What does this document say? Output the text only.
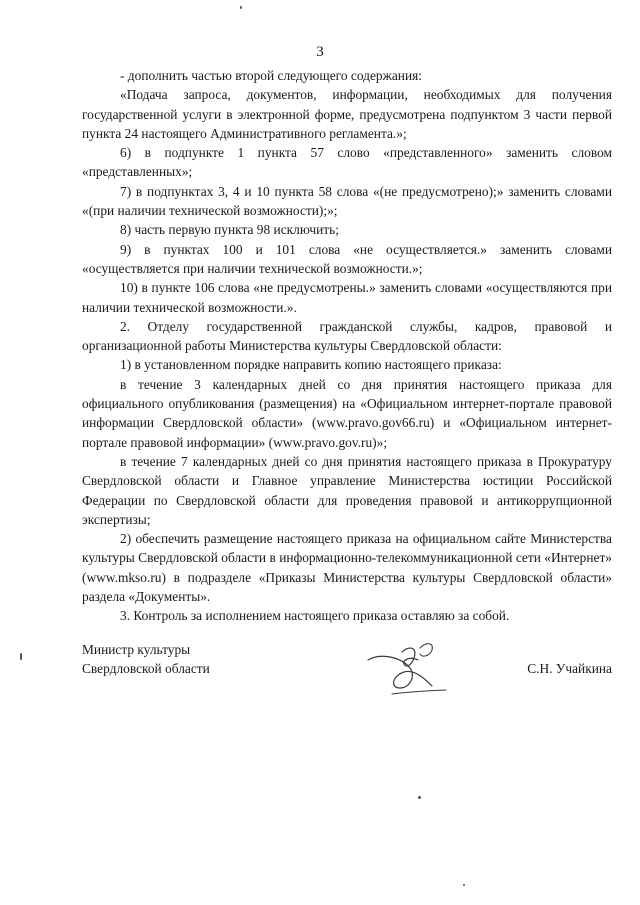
3

- дополнить частью второй следующего содержания:

«Подача запроса, документов, информации, необходимых для получения государственной услуги в электронной форме, предусмотрена подпунктом 3 части первой пункта 24 настоящего Административного регламента.»;

6) в подпункте 1 пункта 57 слово «представленного» заменить словом «представленных»;

7) в подпунктах 3, 4 и 10 пункта 58 слова «(не предусмотрено);» заменить словами «(при наличии технической возможности);»;

8) часть первую пункта 98 исключить;

9) в пунктах 100 и 101 слова «не осуществляется.» заменить словами «осуществляется при наличии технической возможности.»;

10) в пункте 106 слова «не предусмотрены.» заменить словами «осуществляются при наличии технической возможности.».

2. Отделу государственной гражданской службы, кадров, правовой и организационной работы Министерства культуры Свердловской области:

1) в установленном порядке направить копию настоящего приказа:

в течение 3 календарных дней со дня принятия настоящего приказа для официального опубликования (размещения) на «Официальном интернет-портале правовой информации Свердловской области» (www.pravo.gov66.ru) и «Официальном интернет-портале правовой информации» (www.pravo.gov.ru)»;

в течение 7 календарных дней со дня принятия настоящего приказа в Прокуратуру Свердловской области и Главное управление Министерства юстиции Российской Федерации по Свердловской области для проведения правовой и антикоррупционной экспертизы;

2) обеспечить размещение настоящего приказа на официальном сайте Министерства культуры Свердловской области в информационно-телекоммуникационной сети «Интернет» (www.mkso.ru) в подразделе «Приказы Министерства культуры Свердловской области» раздела «Документы».

3. Контроль за исполнением настоящего приказа оставляю за собой.

Министр культуры
Свердловской области	С.Н. Учайкина
